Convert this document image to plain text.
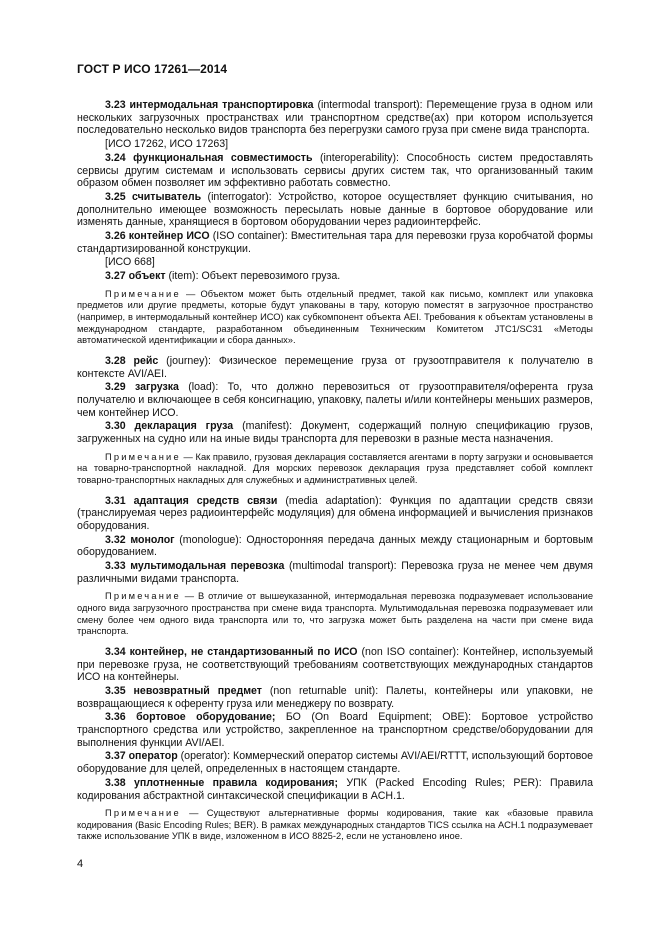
ГОСТ Р ИСО 17261—2014

3.23 интермодальная транспортировка (intermodal transport): Перемещение груза в одном или нескольких загрузочных пространствах или транспортном средстве(ах) при котором используется последовательно несколько видов транспорта без перегрузки самого груза при смене вида транспорта.

[ИСО 17262, ИСО 17263]

3.24 функциональная совместимость (interoperability): Способность систем предоставлять сервисы другим системам и использовать сервисы других систем так, что организованный таким образом обмен позволяет им эффективно работать совместно.

3.25 считыватель (interrogator): Устройство, которое осуществляет функцию считывания, но дополнительно имеющее возможность пересылать новые данные в бортовое оборудование или изменять данные, хранящиеся в бортовом оборудовании через радиоинтерфейс.

3.26 контейнер ИСО (ISO container): Вместительная тара для перевозки груза коробчатой формы стандартизированной конструкции.

[ИСО 668]

3.27 объект (item): Объект перевозимого груза.

Примечание — Объектом может быть отдельный предмет, такой как письмо, комплект или упаковка предметов или другие предметы, которые будут упакованы в тару, которую поместят в загрузочное пространство (например, в интермодальный контейнер ИСО) как субкомпонент объекта AEI. Требования к объектам установлены в международном стандарте, разработанном объединенным Техническим Комитетом JTC1/SC31 «Методы автоматической идентификации и сбора данных».

3.28 рейс (journey): Физическое перемещение груза от грузоотправителя к получателю в контексте AVI/AEI.

3.29 загрузка (load): То, что должно перевозиться от грузоотправителя/оферента груза получателю и включающее в себя консигнацию, упаковку, палеты и/или контейнеры меньших размеров, чем контейнер ИСО.

3.30 декларация груза (manifest): Документ, содержащий полную спецификацию грузов, загруженных на судно или на иные виды транспорта для перевозки в разные места назначения.

Примечание — Как правило, грузовая декларация составляется агентами в порту загрузки и основывается на товарно-транспортной накладной. Для морских перевозок декларация груза представляет собой комплект товарно-транспортных накладных для служебных и административных целей.

3.31 адаптация средств связи (media adaptation): Функция по адаптации средств связи (транслируемая через радиоинтерфейс модуляция) для обмена информацией и вычисления признаков оборудования.

3.32 монолог (monologue): Односторонняя передача данных между стационарным и бортовым оборудованием.

3.33 мультимодальная перевозка (multimodal transport): Перевозка груза не менее чем двумя различными видами транспорта.

Примечание — В отличие от вышеуказанной, интермодальная перевозка подразумевает использование одного вида загрузочного пространства при смене вида транспорта. Мультимодальная перевозка подразумевает или смену более чем одного вида транспорта или то, что загрузка может быть разделена на части при смене вида транспорта.

3.34 контейнер, не стандартизованный по ИСО (non ISO container): Контейнер, используемый при перевозке груза, не соответствующий требованиям соответствующих международных стандартов ИСО на контейнеры.

3.35 невозвратный предмет (non returnable unit): Палеты, контейнеры или упаковки, не возвращающиеся к оференту груза или менеджеру по возврату.

3.36 бортовое оборудование; БО (On Board Equipment; OBE): Бортовое устройство транспортного средства или устройство, закрепленное на транспортном средстве/оборудовании для выполнения функции AVI/AEI.

3.37 оператор (operator): Коммерческий оператор системы AVI/AEI/RTTT, использующий бортовое оборудование для целей, определенных в настоящем стандарте.

3.38 уплотненные правила кодирования; УПК (Packed Encoding Rules; PER): Правила кодирования абстрактной синтаксической спецификации в ACH.1.

Примечание — Существуют альтернативные формы кодирования, такие как «базовые правила кодирования (Basic Encoding Rules; BER). В рамках международных стандартов TICS ссылка на ACH.1 подразумевает также использование УПК в виде, изложенном в ИСО 8825-2, если не установлено иное.

4
